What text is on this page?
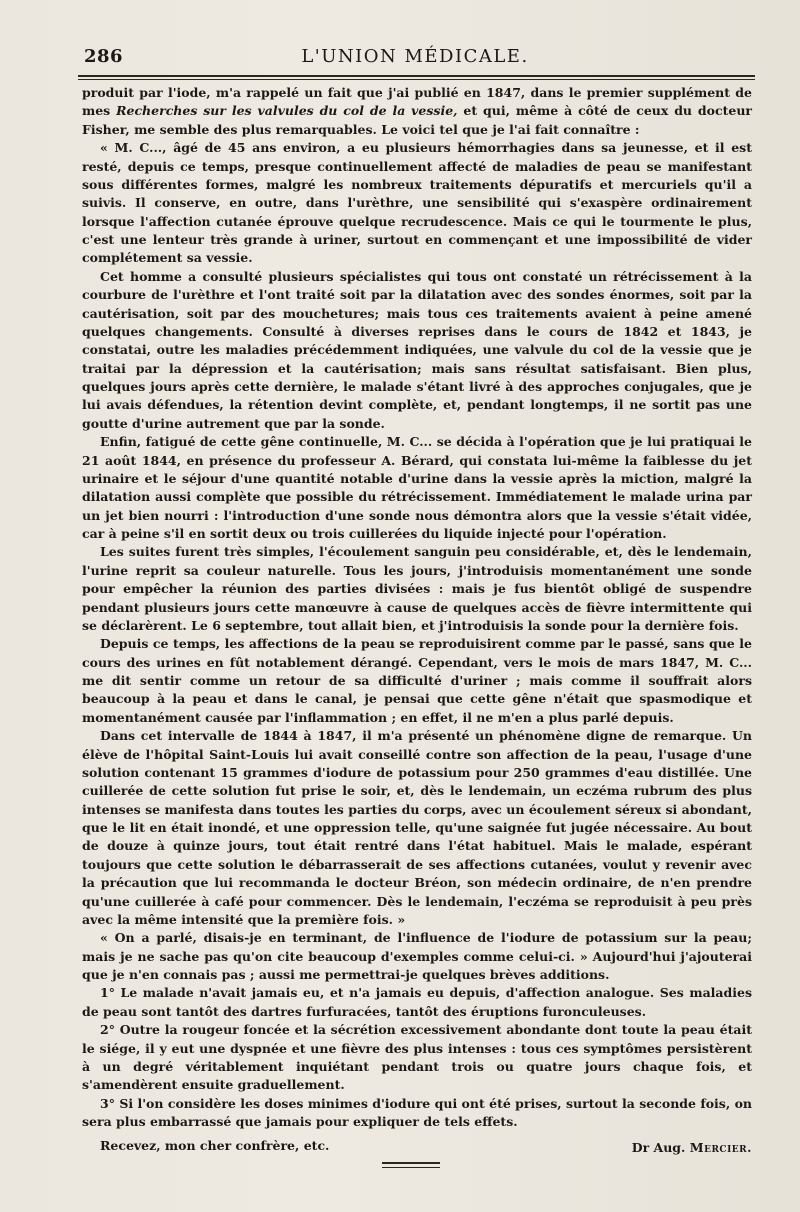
286	L'UNION MÉDICALE.

produit par l'iode, m'a rappelé un fait que j'ai publié en 1847, dans le premier supplément de mes Recherches sur les valvules du col de la vessie, et qui, même à côté de ceux du docteur Fisher, me semble des plus remarquables. Le voici tel que je l'ai fait connaître :

« M. C..., âgé de 45 ans environ, a eu plusieurs hémorrhagies dans sa jeunesse, et il est resté, depuis ce temps, presque continuellement affecté de maladies de peau se manifestant sous différentes formes, malgré les nombreux traitements dépuratifs et mercuriels qu'il a suivis. Il conserve, en outre, dans l'urèthre, une sensibilité qui s'exaspère ordinairement lorsque l'affection cutanée éprouve quelque recrudescence. Mais ce qui le tourmente le plus, c'est une lenteur très grande à uriner, surtout en commençant et une impossibilité de vider complétement sa vessie.

Cet homme a consulté plusieurs spécialistes qui tous ont constaté un rétrécissement à la courbure de l'urèthre et l'ont traité soit par la dilatation avec des sondes énormes, soit par la cautérisation, soit par des mouchetures; mais tous ces traitements avaient à peine amené quelques changements. Consulté à diverses reprises dans le cours de 1842 et 1843, je constatai, outre les maladies précédemment indiquées, une valvule du col de la vessie que je traitai par la dépression et la cautérisation; mais sans résultat satisfaisant. Bien plus, quelques jours après cette dernière, le malade s'étant livré à des approches conjugales, que je lui avais défendues, la rétention devint complète, et, pendant longtemps, il ne sortit pas une goutte d'urine autrement que par la sonde.

Enfin, fatigué de cette gêne continuelle, M. C... se décida à l'opération que je lui pratiquai le 21 août 1844, en présence du professeur A. Bérard, qui constata lui-même la faiblesse du jet urinaire et le séjour d'une quantité notable d'urine dans la vessie après la miction, malgré la dilatation aussi complète que possible du rétrécissement. Immédiatement le malade urina par un jet bien nourri : l'introduction d'une sonde nous démontra alors que la vessie s'était vidée, car à peine s'il en sortit deux ou trois cuillerées du liquide injecté pour l'opération.

Les suites furent très simples, l'écoulement sanguin peu considérable, et, dès le lendemain, l'urine reprit sa couleur naturelle. Tous les jours, j'introduisis momentanément une sonde pour empêcher la réunion des parties divisées : mais je fus bientôt obligé de suspendre pendant plusieurs jours cette manœuvre à cause de quelques accès de fièvre intermittente qui se déclarèrent. Le 6 septembre, tout allait bien, et j'introduisis la sonde pour la dernière fois.

Depuis ce temps, les affections de la peau se reproduisirent comme par le passé, sans que le cours des urines en fût notablement dérangé. Cependant, vers le mois de mars 1847, M. C... me dit sentir comme un retour de sa difficulté d'uriner ; mais comme il souffrait alors beaucoup à la peau et dans le canal, je pensai que cette gêne n'était que spasmodique et momentanément causée par l'inflammation ; en effet, il ne m'en a plus parlé depuis.

Dans cet intervalle de 1844 à 1847, il m'a présenté un phénomène digne de remarque. Un élève de l'hôpital Saint-Louis lui avait conseillé contre son affection de la peau, l'usage d'une solution contenant 15 grammes d'iodure de potassium pour 250 grammes d'eau distillée. Une cuillerée de cette solution fut prise le soir, et, dès le lendemain, un eczéma rubrum des plus intenses se manifesta dans toutes les parties du corps, avec un écoulement séreux si abondant, que le lit en était inondé, et une oppression telle, qu'une saignée fut jugée nécessaire. Au bout de douze à quinze jours, tout était rentré dans l'état habituel. Mais le malade, espérant toujours que cette solution le débarrasserait de ses affections cutanées, voulut y revenir avec la précaution que lui recommanda le docteur Bréon, son médecin ordinaire, de n'en prendre qu'une cuillerée à café pour commencer. Dès le lendemain, l'eczéma se reproduisit à peu près avec la même intensité que la première fois. »

« On a parlé, disais-je en terminant, de l'influence de l'iodure de potassium sur la peau; mais je ne sache pas qu'on cite beaucoup d'exemples comme celui-ci. » Aujourd'hui j'ajouterai que je n'en connais pas ; aussi me permettrai-je quelques brèves additions.

1° Le malade n'avait jamais eu, et n'a jamais eu depuis, d'affection analogue. Ses maladies de peau sont tantôt des dartres furfuracées, tantôt des éruptions furonculeuses.

2° Outre la rougeur foncée et la sécrétion excessivement abondante dont toute la peau était le siége, il y eut une dyspnée et une fièvre des plus intenses : tous ces symptômes persistèrent à un degré véritablement inquiétant pendant trois ou quatre jours chaque fois, et s'amendèrent ensuite graduellement.

3° Si l'on considère les doses minimes d'iodure qui ont été prises, surtout la seconde fois, on sera plus embarrassé que jamais pour expliquer de tels effets.

Recevez, mon cher confrère, etc.	Dr Aug. Mercier.
